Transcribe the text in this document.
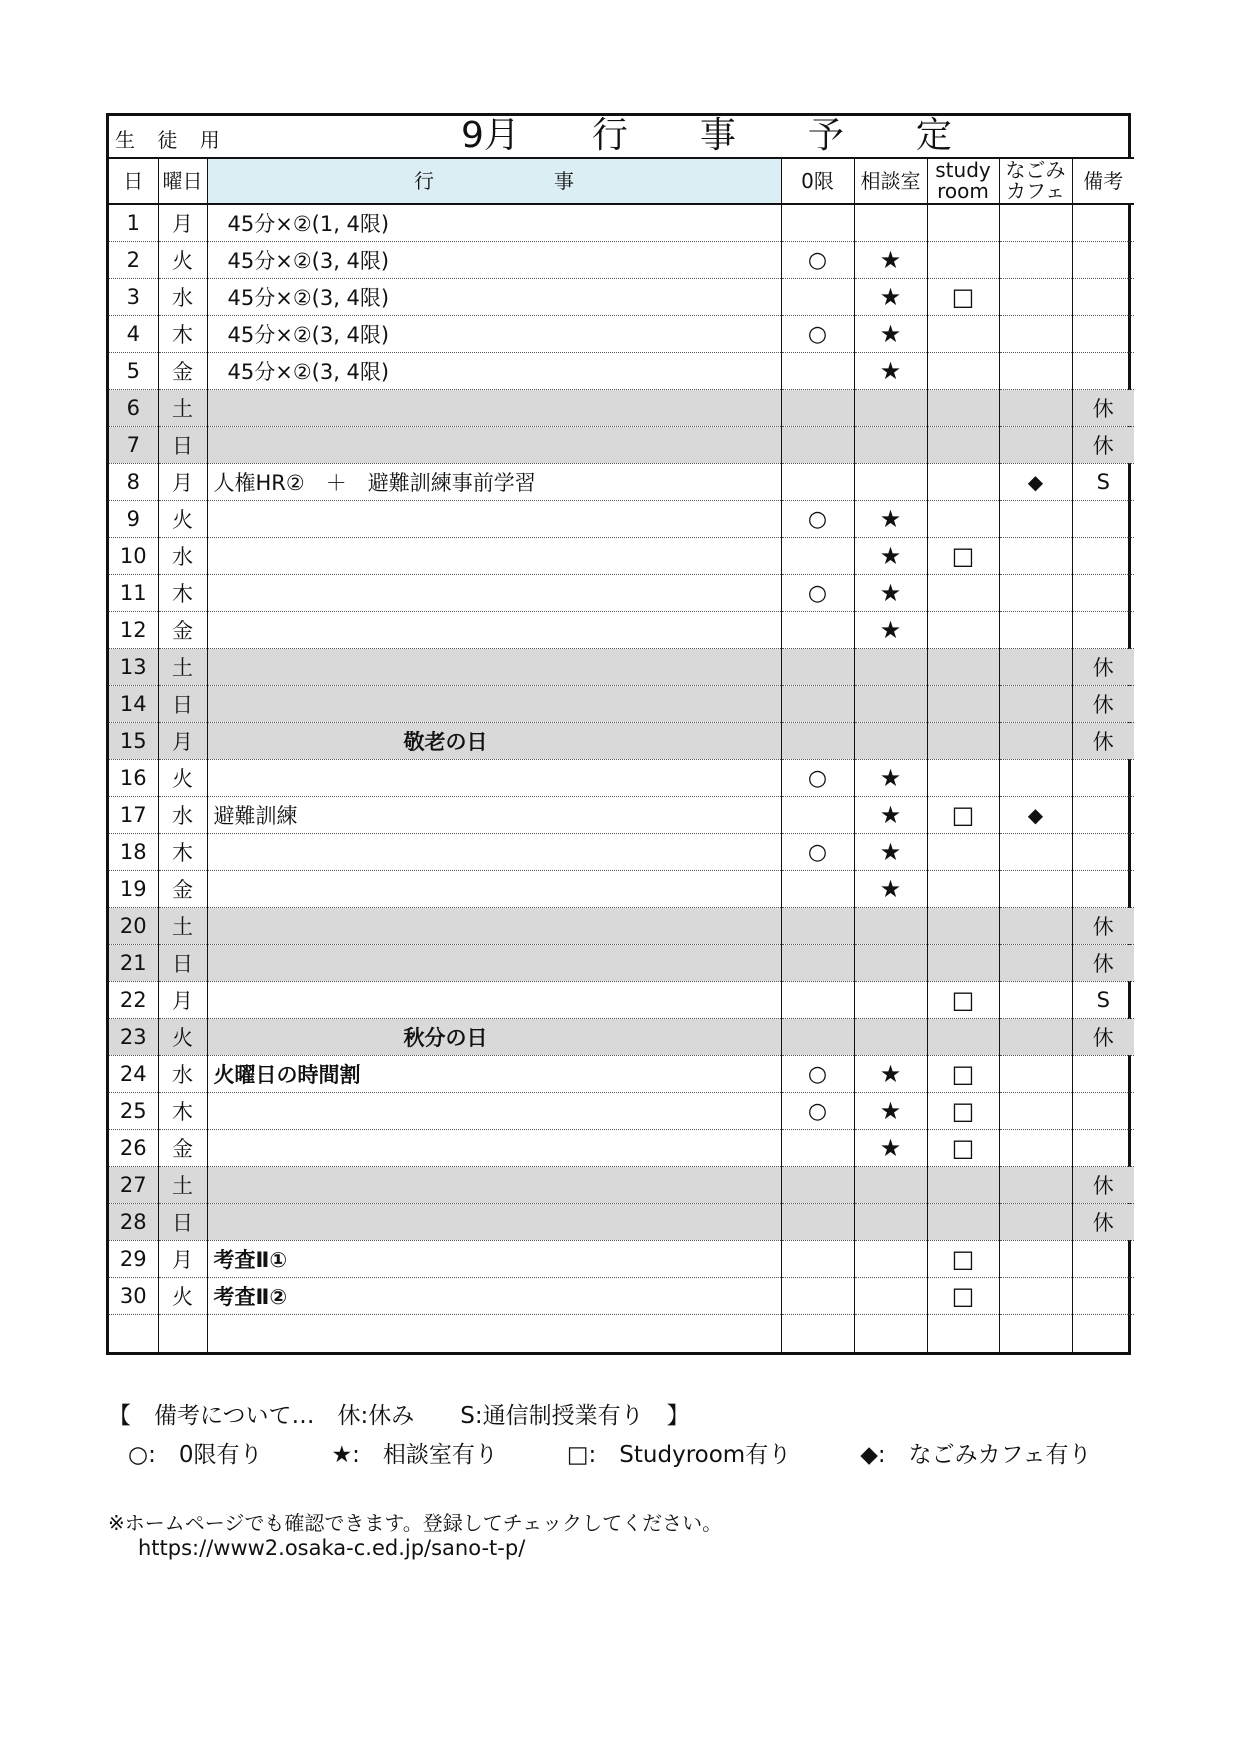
生 徒 用 9月　　行　　事　　予　　定							

日	曜日	行 事	0限	相談室	study
room	なごみ
カフェ	備考
1	月	45分×②(1, 4限)					
2	火	45分×②(3, 4限)	○	★			
3	水	45分×②(3, 4限)		★	□		
4	木	45分×②(3, 4限)	○	★			
5	金	45分×②(3, 4限)		★			
6	土						休
7	日						休
8	月	人権HR②　＋　避難訓練事前学習				◆	S
9	火		○	★			
10	水			★	□		
11	木		○	★			
12	金			★			
13	土						休
14	日						休
15	月	敬老の日					休
16	火		○	★			
17	水	避難訓練		★	□	◆	
18	木		○	★			
19	金			★			
20	土						休
21	日						休
22	月				□		S
23	火	秋分の日					休
24	水	火曜日の時間割	○	★	□		
25	木		○	★	□		
26	金			★	□		
27	土						休
28	日						休
29	月	考査Ⅱ①			□		
30	火	考査Ⅱ②			□		

【　備考について…　休:休み　　S:通信制授業有り　】
○:　0限有り　　　★:　相談室有り　　　□:　Studyroom有り　　　◆:　なごみカフェ有り
※ホームページでも確認できます。登録してチェックしてください。
https://www2.osaka-c.ed.jp/sano-t-p/
